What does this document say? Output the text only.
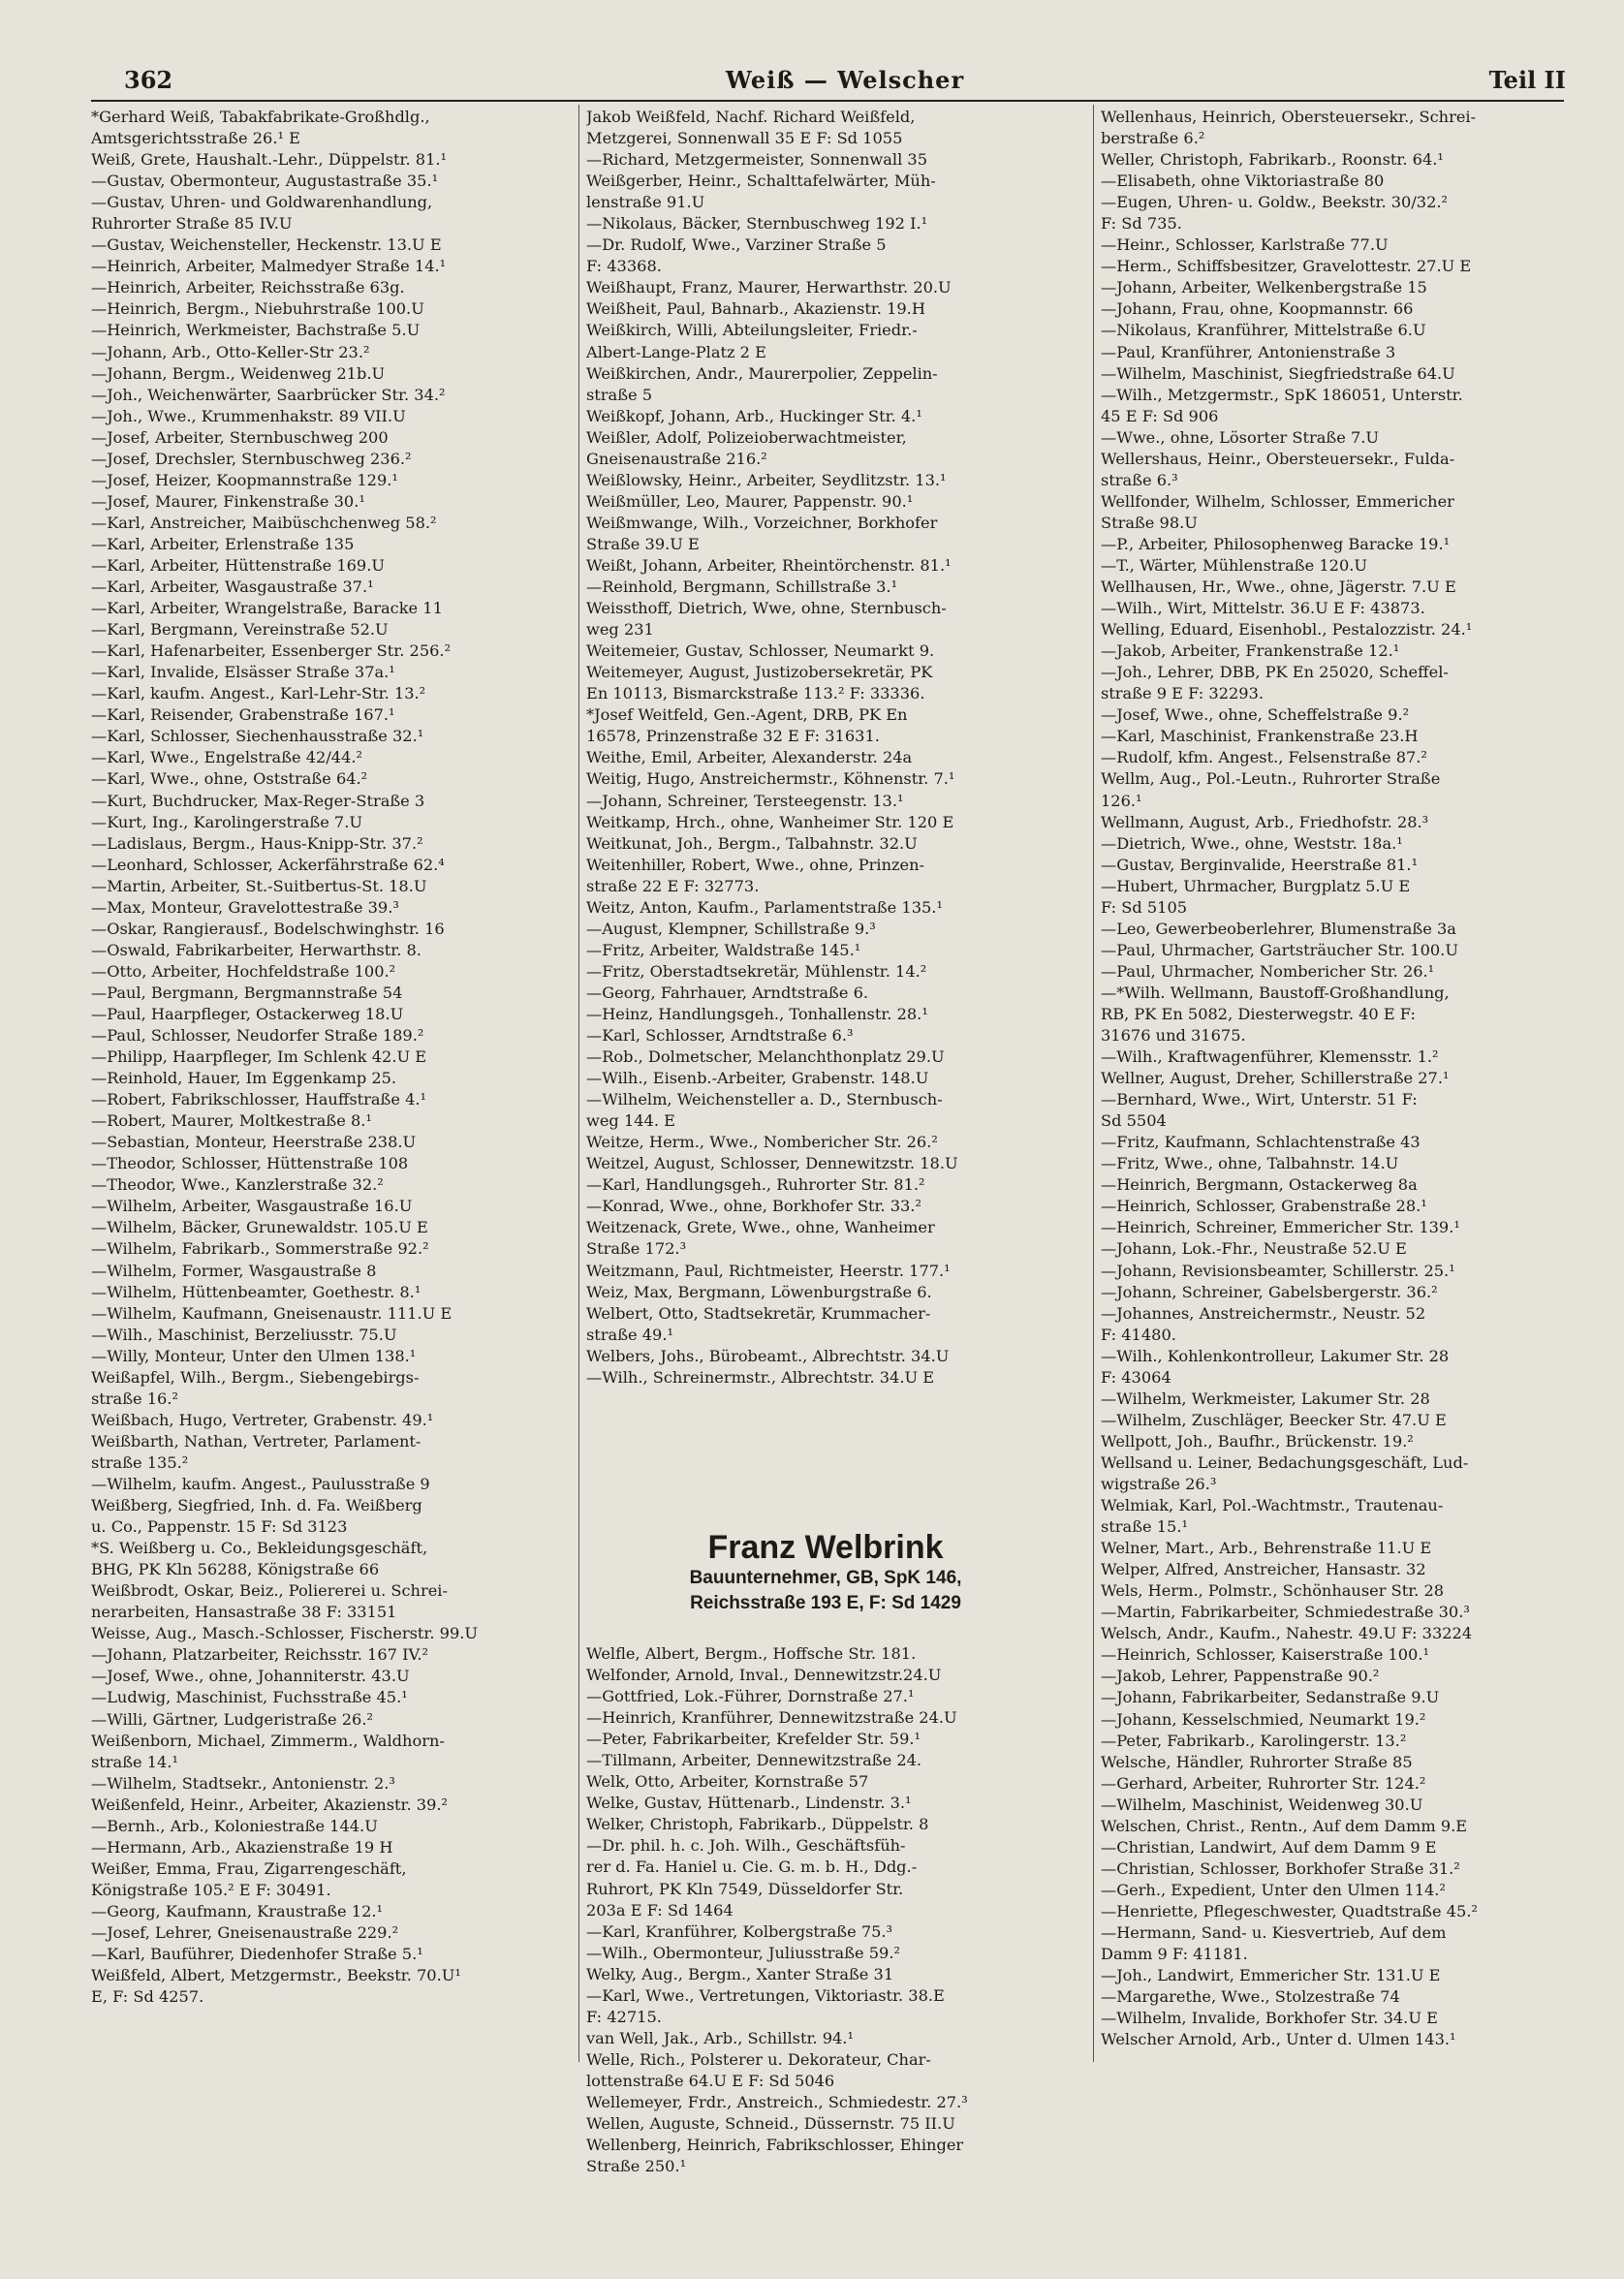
362	Weiß — Welscher	Teil II
*Gerhard Weiß, Tabakfabrikate-Großhdlg.,
Amtsgerichtsstraße 26.¹ E
Weiß, Grete, Haushalt.-Lehr., Düppelstr. 81.¹
—Gustav, Obermonteur, Augustastraße 35.¹
—Gustav, Uhren- und Goldwarenhandlung,
Ruhrorter Straße 85 IV.U
—Gustav, Weichensteller, Heckenstr. 13.U E
—Heinrich, Arbeiter, Malmedyer Straße 14.¹
—Heinrich, Arbeiter, Reichsstraße 63g.
—Heinrich, Bergm., Niebuhrstraße 100.U
—Heinrich, Werkmeister, Bachstraße 5.U
—Johann, Arb., Otto-Keller-Str 23.²
—Johann, Bergm., Weidenweg 21b.U
—Joh., Weichenwärter, Saarbrücker Str. 34.²
—Joh., Wwe., Krummenhakstr. 89 VII.U
—Josef, Arbeiter, Sternbuschweg 200
—Josef, Drechsler, Sternbuschweg 236.²
—Josef, Heizer, Koopmannstraße 129.¹
—Josef, Maurer, Finkenstraße 30.¹
—Karl, Anstreicher, Maibüschchenweg 58.²
—Karl, Arbeiter, Erlenstraße 135
—Karl, Arbeiter, Hüttenstraße 169.U
—Karl, Arbeiter, Wasgaustraße 37.¹
—Karl, Arbeiter, Wrangelstraße, Baracke 11
—Karl, Bergmann, Vereinstraße 52.U
—Karl, Hafenarbeiter, Essenberger Str. 256.²
—Karl, Invalide, Elsässer Straße 37a.¹
—Karl, kaufm. Angest., Karl-Lehr-Str. 13.²
—Karl, Reisender, Grabenstraße 167.¹
—Karl, Schlosser, Siechenhausstraße 32.¹
—Karl, Wwe., Engelstraße 42/44.²
—Karl, Wwe., ohne, Oststraße 64.²
—Kurt, Buchdrucker, Max-Reger-Straße 3
—Kurt, Ing., Karolingerstraße 7.U
—Ladislaus, Bergm., Haus-Knipp-Str. 37.²
—Leonhard, Schlosser, Ackerfährstraße 62.⁴
—Martin, Arbeiter, St.-Suitbertus-St. 18.U
—Max, Monteur, Gravelottestraße 39.³
—Oskar, Rangierausf., Bodelschwinghstr. 16
—Oswald, Fabrikarbeiter, Herwarthstr. 8.
—Otto, Arbeiter, Hochfeldstraße 100.²
—Paul, Bergmann, Bergmannstraße 54
—Paul, Haarpfleger, Ostackerweg 18.U
—Paul, Schlosser, Neudorfer Straße 189.²
—Philipp, Haarpfleger, Im Schlenk 42.U E
—Reinhold, Hauer, Im Eggenkamp 25.
—Robert, Fabrikschlosser, Hauffstraße 4.¹
—Robert, Maurer, Moltkestraße 8.¹
—Sebastian, Monteur, Heerstraße 238.U
—Theodor, Schlosser, Hüttenstraße 108
—Theodor, Wwe., Kanzlerstraße 32.²
—Wilhelm, Arbeiter, Wasgaustraße 16.U
—Wilhelm, Bäcker, Grunewaldstr. 105.U E
—Wilhelm, Fabrikarb., Sommerstraße 92.²
—Wilhelm, Former, Wasgaustraße 8
—Wilhelm, Hüttenbeamter, Goethestr. 8.¹
—Wilhelm, Kaufmann, Gneisenaustr. 111.U E
—Wilh., Maschinist, Berzeliusstr. 75.U
—Willy, Monteur, Unter den Ulmen 138.¹
Weißapfel, Wilh., Bergm., Siebengebirgs-
straße 16.²
Weißbach, Hugo, Vertreter, Grabenstr. 49.¹
Weißbarth, Nathan, Vertreter, Parlament-
straße 135.²
—Wilhelm, kaufm. Angest., Paulusstraße 9
Weißberg, Siegfried, Inh. d. Fa. Weißberg
u. Co., Pappenstr. 15 F: Sd 3123
*S. Weißberg u. Co., Bekleidungsgeschäft,
BHG, PK Kln 56288, Königstraße 66
Weißbrodt, Oskar, Beiz., Poliererei u. Schrei-
nerarbeiten, Hansastraße 38 F: 33151
Weisse, Aug., Masch.-Schlosser, Fischerstr. 99.U
—Johann, Platzarbeiter, Reichsstr. 167 IV.²
—Josef, Wwe., ohne, Johanniterstr. 43.U
—Ludwig, Maschinist, Fuchsstraße 45.¹
—Willi, Gärtner, Ludgeristraße 26.²
Weißenborn, Michael, Zimmerm., Waldhorn-
straße 14.¹
—Wilhelm, Stadtsekr., Antonienstr. 2.³
Weißenfeld, Heinr., Arbeiter, Akazienstr. 39.²
—Bernh., Arb., Koloniestraße 144.U
—Hermann, Arb., Akazienstraße 19 H
Weißer, Emma, Frau, Zigarrengeschäft,
Königstraße 105.² E F: 30491.
—Georg, Kaufmann, Kraustraße 12.¹
—Josef, Lehrer, Gneisenaustraße 229.²
—Karl, Bauführer, Diedenhofer Straße 5.¹
Weißfeld, Albert, Metzgermstr., Beekstr. 70.U¹
E, F: Sd 4257.
Jakob Weißfeld, Nachf. Richard Weißfeld,
Metzgerei, Sonnenwall 35 E F: Sd 1055
—Richard, Metzgermeister, Sonnenwall 35
Weißgerber, Heinr., Schalttafelwärter, Müh-
lenstraße 91.U
—Nikolaus, Bäcker, Sternbuschweg 192 I.¹
—Dr. Rudolf, Wwe., Varziner Straße 5
F: 43368.
Weißhaupt, Franz, Maurer, Herwarthstr. 20.U
Weißheit, Paul, Bahnarb., Akazienstr. 19.H
Weißkirch, Willi, Abteilungsleiter, Friedr.-
Albert-Lange-Platz 2 E
Weißkirchen, Andr., Maurerpolier, Zeppelin-
straße 5
Weißkopf, Johann, Arb., Huckinger Str. 4.¹
Weißler, Adolf, Polizeioberwachtmeister,
Gneisenaustraße 216.²
Weißlowsky, Heinr., Arbeiter, Seydlitzstr. 13.¹
Weißmüller, Leo, Maurer, Pappenstr. 90.¹
Weißmwange, Wilh., Vorzeichner, Borkhofer
Straße 39.U E
Weißt, Johann, Arbeiter, Rheintörchenstr. 81.¹
—Reinhold, Bergmann, Schillstraße 3.¹
Weissthoff, Dietrich, Wwe, ohne, Sternbusch-
weg 231
Weitemeier, Gustav, Schlosser, Neumarkt 9.
Weitemeyer, August, Justizobersekretär, PK
En 10113, Bismarckstraße 113.² F: 33336.
*Josef Weitfeld, Gen.-Agent, DRB, PK En
16578, Prinzenstraße 32 E F: 31631.
Weithe, Emil, Arbeiter, Alexanderstr. 24a
Weitig, Hugo, Anstreichermstr., Köhnenstr. 7.¹
—Johann, Schreiner, Tersteegenstr. 13.¹
Weitkamp, Hrch., ohne, Wanheimer Str. 120 E
Weitkunat, Joh., Bergm., Talbahnstr. 32.U
Weitenhiller, Robert, Wwe., ohne, Prinzen-
straße 22 E F: 32773.
Weitz, Anton, Kaufm., Parlamentstraße 135.¹
—August, Klempner, Schillstraße 9.³
—Fritz, Arbeiter, Waldstraße 145.¹
—Fritz, Oberstadtsekretär, Mühlenstr. 14.²
—Georg, Fahrhauer, Arndtstraße 6.
—Heinz, Handlungsgeh., Tonhallenstr. 28.¹
—Karl, Schlosser, Arndtstraße 6.³
—Rob., Dolmetscher, Melanchthonplatz 29.U
—Wilh., Eisenb.-Arbeiter, Grabenstr. 148.U
—Wilhelm, Weichensteller a. D., Sternbusch-
weg 144. E
Weitze, Herm., Wwe., Nombericher Str. 26.²
Weitzel, August, Schlosser, Dennewitzstr. 18.U
—Karl, Handlungsgeh., Ruhrorter Str. 81.²
—Konrad, Wwe., ohne, Borkhofer Str. 33.²
Weitzenack, Grete, Wwe., ohne, Wanheimer
Straße 172.³
Weitzmann, Paul, Richtmeister, Heerstr. 177.¹
Weiz, Max, Bergmann, Löwenburgstraße 6.
Welbert, Otto, Stadtsekretär, Krummacher-
straße 49.¹
Welbers, Johs., Bürobeamt., Albrechtstr. 34.U
—Wilh., Schreinermstr., Albrechtstr. 34.U E
Franz Welbrink
Bauunternehmer, GB, SpK 146,
Reichsstraße 193 E, F: Sd 1429
Welfle, Albert, Bergm., Hoffsche Str. 181.
Welfonder, Arnold, Inval., Dennewitzstr.24.U
—Gottfried, Lok.-Führer, Dornstraße 27.¹
—Heinrich, Kranführer, Dennewitzstraße 24.U
—Peter, Fabrikarbeiter, Krefelder Str. 59.¹
—Tillmann, Arbeiter, Dennewitzstraße 24.
Welk, Otto, Arbeiter, Kornstraße 57
Welke, Gustav, Hüttenarb., Lindenstr. 3.¹
Welker, Christoph, Fabrikarb., Düppelstr. 8
—Dr. phil. h. c. Joh. Wilh., Geschäftsfüh-
rer d. Fa. Haniel u. Cie. G. m. b. H., Ddg.-
Ruhrort, PK Kln 7549, Düsseldorfer Str.
203a E F: Sd 1464
—Karl, Kranführer, Kolbergstraße 75.³
—Wilh., Obermonteur, Juliusstraße 59.²
Welky, Aug., Bergm., Xanter Straße 31
—Karl, Wwe., Vertretungen, Viktoriastr. 38.E
F: 42715.
van Well, Jak., Arb., Schillstr. 94.¹
Welle, Rich., Polsterer u. Dekorateur, Char-
lottenstraße 64.U E F: Sd 5046
Wellemeyer, Frdr., Anstreich., Schmiedestr. 27.³
Wellen, Auguste, Schneid., Düssernstr. 75 II.U
Wellenberg, Heinrich, Fabrikschlosser, Ehinger
Straße 250.¹
Wellenhaus, Heinrich, Obersteuersekr., Schrei-
berstraße 6.²
Weller, Christoph, Fabrikarb., Roonstr. 64.¹
—Elisabeth, ohne Viktoriastraße 80
—Eugen, Uhren- u. Goldw., Beekstr. 30/32.²
F: Sd 735.
—Heinr., Schlosser, Karlstraße 77.U
—Herm., Schiffsbesitzer, Gravelottestr. 27.U E
—Johann, Arbeiter, Welkenbergstraße 15
—Johann, Frau, ohne, Koopmannstr. 66
—Nikolaus, Kranführer, Mittelstraße 6.U
—Paul, Kranführer, Antonienstraße 3
—Wilhelm, Maschinist, Siegfriedstraße 64.U
—Wilh., Metzgermstr., SpK 186051, Unterstr.
45 E F: Sd 906
—Wwe., ohne, Lösorter Straße 7.U
Wellershaus, Heinr., Obersteuersekr., Fulda-
straße 6.³
Wellfonder, Wilhelm, Schlosser, Emmericher
Straße 98.U
—P., Arbeiter, Philosophenweg Baracke 19.¹
—T., Wärter, Mühlenstraße 120.U
Wellhausen, Hr., Wwe., ohne, Jägerstr. 7.U E
—Wilh., Wirt, Mittelstr. 36.U E F: 43873.
Welling, Eduard, Eisenhobl., Pestalozzistr. 24.¹
—Jakob, Arbeiter, Frankenstraße 12.¹
—Joh., Lehrer, DBB, PK En 25020, Scheffel-
straße 9 E F: 32293.
—Josef, Wwe., ohne, Scheffelstraße 9.²
—Karl, Maschinist, Frankenstraße 23.H
—Rudolf, kfm. Angest., Felsenstraße 87.²
Wellm, Aug., Pol.-Leutn., Ruhrorter Straße
126.¹
Wellmann, August, Arb., Friedhofstr. 28.³
—Dietrich, Wwe., ohne, Weststr. 18a.¹
—Gustav, Berginvalide, Heerstraße 81.¹
—Hubert, Uhrmacher, Burgplatz 5.U E
F: Sd 5105
—Leo, Gewerbeoberlehrer, Blumenstraße 3a
—Paul, Uhrmacher, Gartsträucher Str. 100.U
—Paul, Uhrmacher, Nombericher Str. 26.¹
—*Wilh. Wellmann, Baustoff-Großhandlung,
RB, PK En 5082, Diesterwegstr. 40 E F:
31676 und 31675.
—Wilh., Kraftwagenführer, Klemensstr. 1.²
Wellner, August, Dreher, Schillerstraße 27.¹
—Bernhard, Wwe., Wirt, Unterstr. 51 F:
Sd 5504
—Fritz, Kaufmann, Schlachtenstraße 43
—Fritz, Wwe., ohne, Talbahnstr. 14.U
—Heinrich, Bergmann, Ostackerweg 8a
—Heinrich, Schlosser, Grabenstraße 28.¹
—Heinrich, Schreiner, Emmericher Str. 139.¹
—Johann, Lok.-Fhr., Neustraße 52.U E
—Johann, Revisionsbeamter, Schillerstr. 25.¹
—Johann, Schreiner, Gabelsbergerstr. 36.²
—Johannes, Anstreichermstr., Neustr. 52
F: 41480.
—Wilh., Kohlenkontrolleur, Lakumer Str. 28
F: 43064
—Wilhelm, Werkmeister, Lakumer Str. 28
—Wilhelm, Zuschläger, Beecker Str. 47.U E
Wellpott, Joh., Baufhr., Brückenstr. 19.²
Wellsand u. Leiner, Bedachungsgeschäft, Lud-
wigstraße 26.³
Welmiak, Karl, Pol.-Wachtmstr., Trautenau-
straße 15.¹
Welner, Mart., Arb., Behrenstraße 11.U E
Welper, Alfred, Anstreicher, Hansastr. 32
Wels, Herm., Polmstr., Schönhauser Str. 28
—Martin, Fabrikarbeiter, Schmiedestraße 30.³
Welsch, Andr., Kaufm., Nahestr. 49.U F: 33224
—Heinrich, Schlosser, Kaiserstraße 100.¹
—Jakob, Lehrer, Pappenstraße 90.²
—Johann, Fabrikarbeiter, Sedanstraße 9.U
—Johann, Kesselschmied, Neumarkt 19.²
—Peter, Fabrikarb., Karolingerstr. 13.²
Welsche, Händler, Ruhrorter Straße 85
—Gerhard, Arbeiter, Ruhrorter Str. 124.²
—Wilhelm, Maschinist, Weidenweg 30.U
Welschen, Christ., Rentn., Auf dem Damm 9.E
—Christian, Landwirt, Auf dem Damm 9 E
—Christian, Schlosser, Borkhofer Straße 31.²
—Gerh., Expedient, Unter den Ulmen 114.²
—Henriette, Pflegeschwester, Quadtstraße 45.²
—Hermann, Sand- u. Kiesvertrieb, Auf dem
Damm 9 F: 41181.
—Joh., Landwirt, Emmericher Str. 131.U E
—Margarethe, Wwe., Stolzestraße 74
—Wilhelm, Invalide, Borkhofer Str. 34.U E
Welscher Arnold, Arb., Unter d. Ulmen 143.¹
